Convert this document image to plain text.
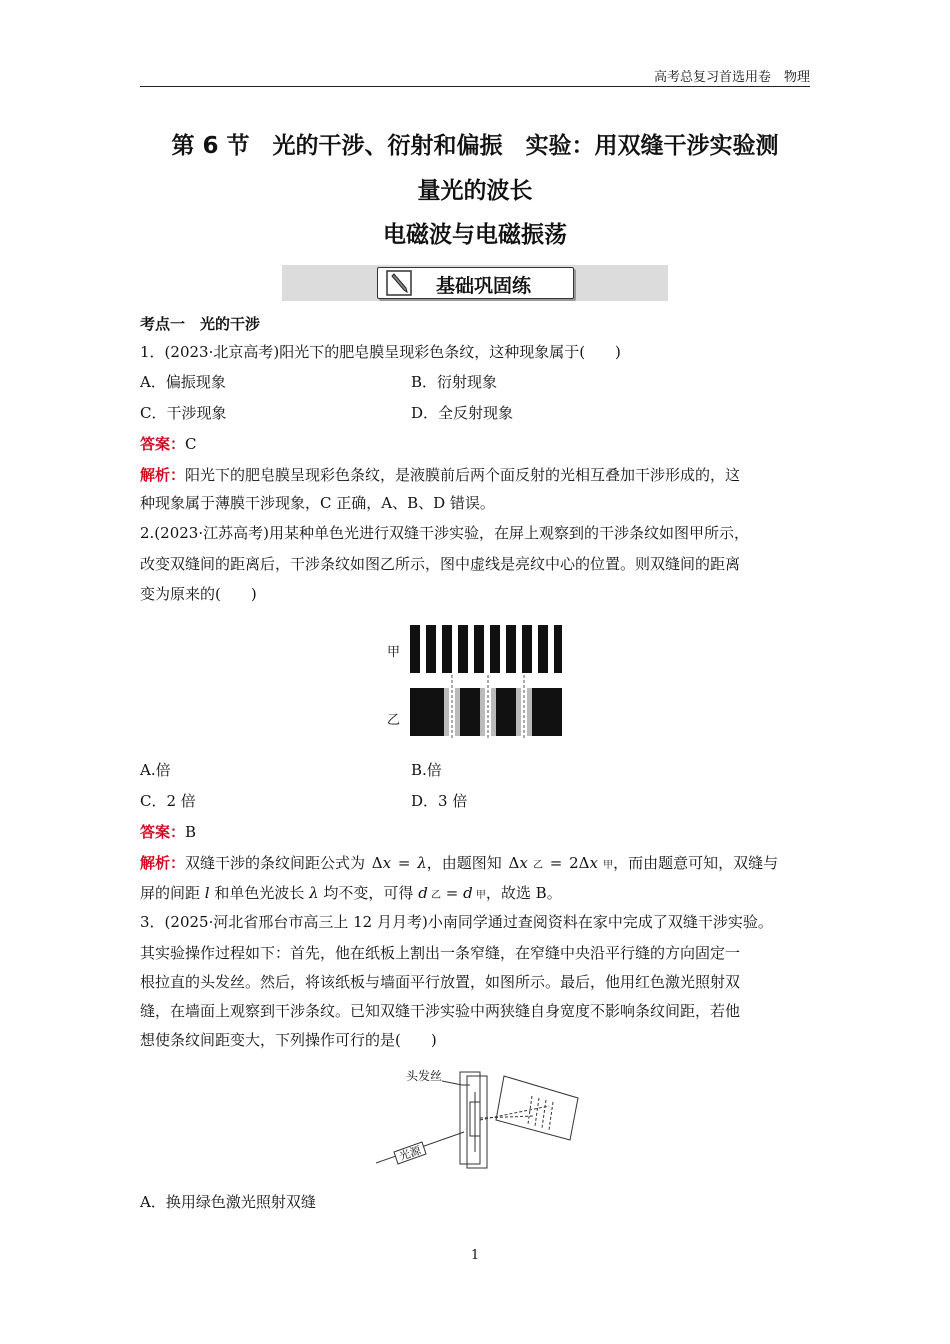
高考总复习首选用卷　物理
第 6 节　光的干涉、衍射和偏振　实验：用双缝干涉实验测
量光的波长
电磁波与电磁振荡
基础巩固练
考点一　光的干涉
1．(2023·北京高考)阳光下的肥皂膜呈现彩色条纹，这种现象属于(　　)
A．偏振现象	B．衍射现象
C．干涉现象	D．全反射现象
答案：C
解析：阳光下的肥皂膜呈现彩色条纹，是液膜前后两个面反射的光相互叠加干涉形成的，这
种现象属于薄膜干涉现象，C 正确，A、B、D 错误。
2.(2023·江苏高考)用某种单色光进行双缝干涉实验，在屏上观察到的干涉条纹如图甲所示，
改变双缝间的距离后，干涉条纹如图乙所示，图中虚线是亮纹中心的位置。则双缝间的距离
变为原来的(　　)
甲
乙
A.倍	B.倍
C．2 倍	D．3 倍
答案：B
解析：双缝干涉的条纹间距公式为 Δx = λ，由题图知 Δx 乙 = 2Δx 甲，而由题意可知，双缝与
屏的间距 l 和单色光波长 λ 均不变，可得 d 乙 = d 甲，故选 B。
3．(2025·河北省邢台市高三上 12 月月考)小南同学通过查阅资料在家中完成了双缝干涉实验。
其实验操作过程如下：首先，他在纸板上割出一条窄缝，在窄缝中央沿平行缝的方向固定一
根拉直的头发丝。然后，将该纸板与墙面平行放置，如图所示。最后，他用红色激光照射双
缝，在墙面上观察到干涉条纹。已知双缝干涉实验中两狭缝自身宽度不影响条纹间距，若他
想使条纹间距变大，下列操作可行的是(　　)
头发丝
光源
A．换用绿色激光照射双缝
1
